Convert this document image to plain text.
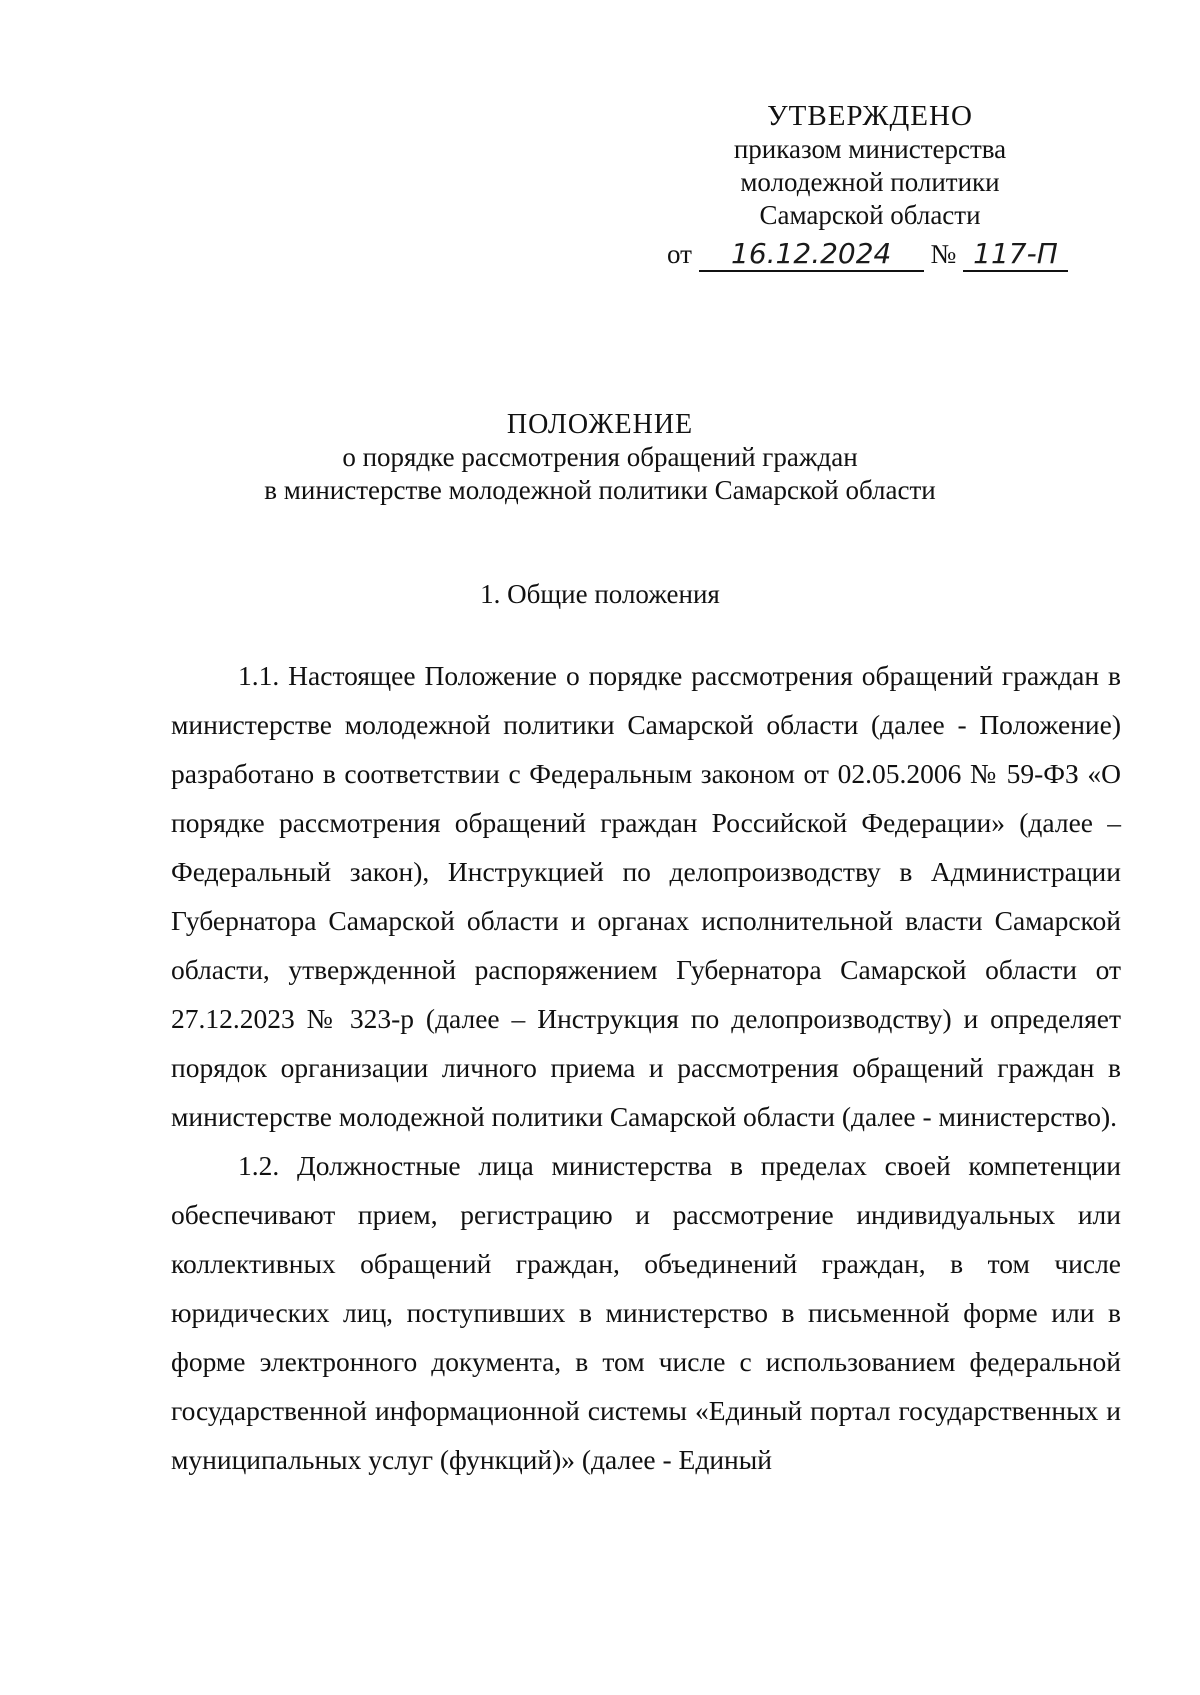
УТВЕРЖДЕНО
приказом министерства
молодежной политики
Самарской области
от 16.12.2024 № 117-П
ПОЛОЖЕНИЕ
о порядке рассмотрения обращений граждан
в министерстве молодежной политики Самарской области
1. Общие положения

1.1. Настоящее Положение о порядке рассмотрения обращений граждан в министерстве молодежной политики Самарской области (далее - Положение) разработано в соответствии с Федеральным законом от 02.05.2006 № 59-ФЗ «О порядке рассмотрения обращений граждан Российской Федерации» (далее – Федеральный закон), Инструкцией по делопроизводству в Администрации Губернатора Самарской области и органах исполнительной власти Самарской области, утвержденной распоряжением Губернатора Самарской области от 27.12.2023 № 323-р (далее – Инструкция по делопроизводству) и определяет порядок организации личного приема и рассмотрения обращений граждан в министерстве молодежной политики Самарской области (далее - министерство).

1.2. Должностные лица министерства в пределах своей компетенции обеспечивают прием, регистрацию и рассмотрение индивидуальных или коллективных обращений граждан, объединений граждан, в том числе юридических лиц, поступивших в министерство в письменной форме или в форме электронного документа, в том числе с использованием федеральной государственной информационной системы «Единый портал государственных и муниципальных услуг (функций)» (далее - Единый
